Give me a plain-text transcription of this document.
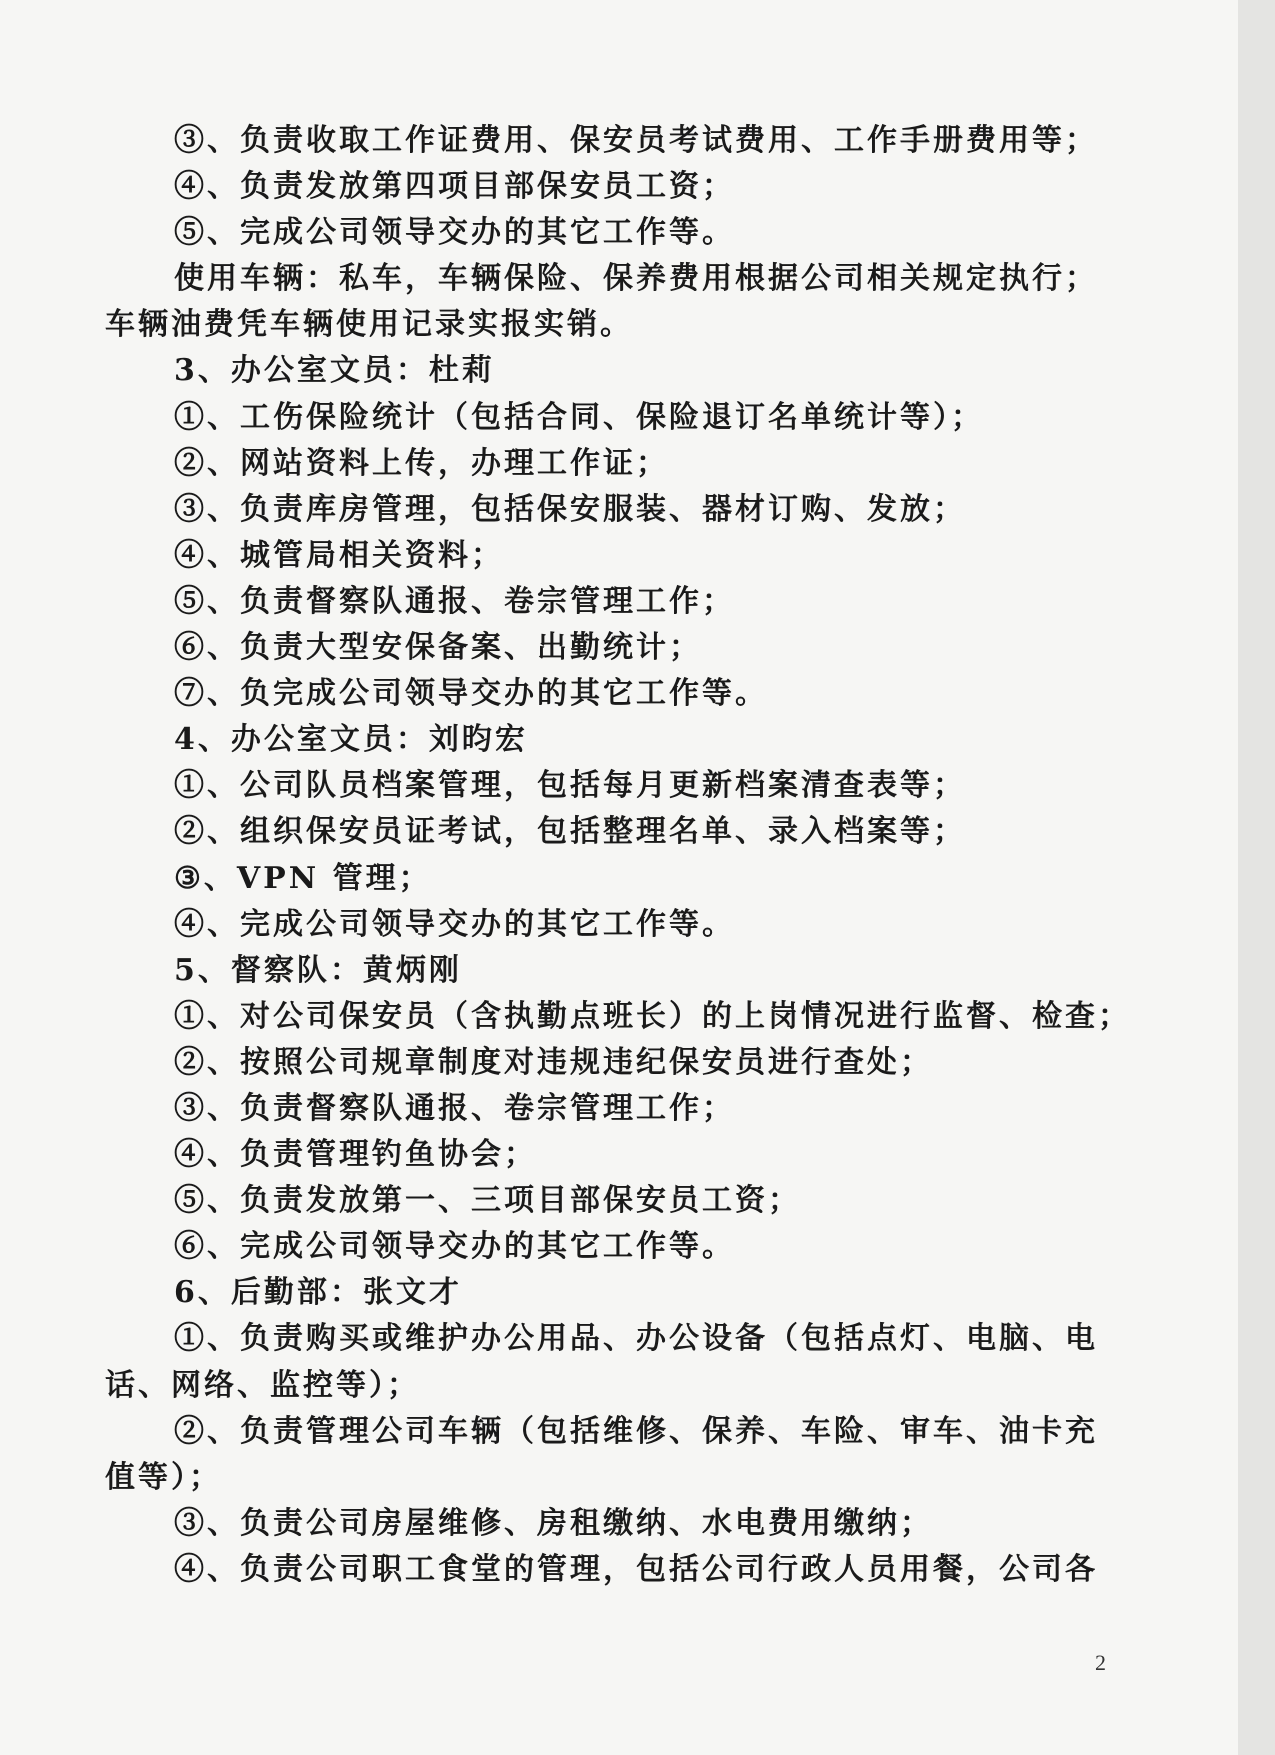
③、负责收取工作证费用、保安员考试费用、工作手册费用等；
④、负责发放第四项目部保安员工资；
⑤、完成公司领导交办的其它工作等。
使用车辆：私车，车辆保险、保养费用根据公司相关规定执行；
车辆油费凭车辆使用记录实报实销。
3、办公室文员：杜莉
①、工伤保险统计（包括合同、保险退订名单统计等）；
②、网站资料上传，办理工作证；
③、负责库房管理，包括保安服装、器材订购、发放；
④、城管局相关资料；
⑤、负责督察队通报、卷宗管理工作；
⑥、负责大型安保备案、出勤统计；
⑦、负完成公司领导交办的其它工作等。
4、办公室文员：刘昀宏
①、公司队员档案管理，包括每月更新档案清查表等；
②、组织保安员证考试，包括整理名单、录入档案等；
③、VPN 管理；
④、完成公司领导交办的其它工作等。
5、督察队：黄炳刚
①、对公司保安员（含执勤点班长）的上岗情况进行监督、检查；
②、按照公司规章制度对违规违纪保安员进行查处；
③、负责督察队通报、卷宗管理工作；
④、负责管理钓鱼协会；
⑤、负责发放第一、三项目部保安员工资；
⑥、完成公司领导交办的其它工作等。
6、后勤部：张文才
①、负责购买或维护办公用品、办公设备（包括点灯、电脑、电
话、网络、监控等）；
②、负责管理公司车辆（包括维修、保养、车险、审车、油卡充
值等）；
③、负责公司房屋维修、房租缴纳、水电费用缴纳；
④、负责公司职工食堂的管理，包括公司行政人员用餐，公司各
2
